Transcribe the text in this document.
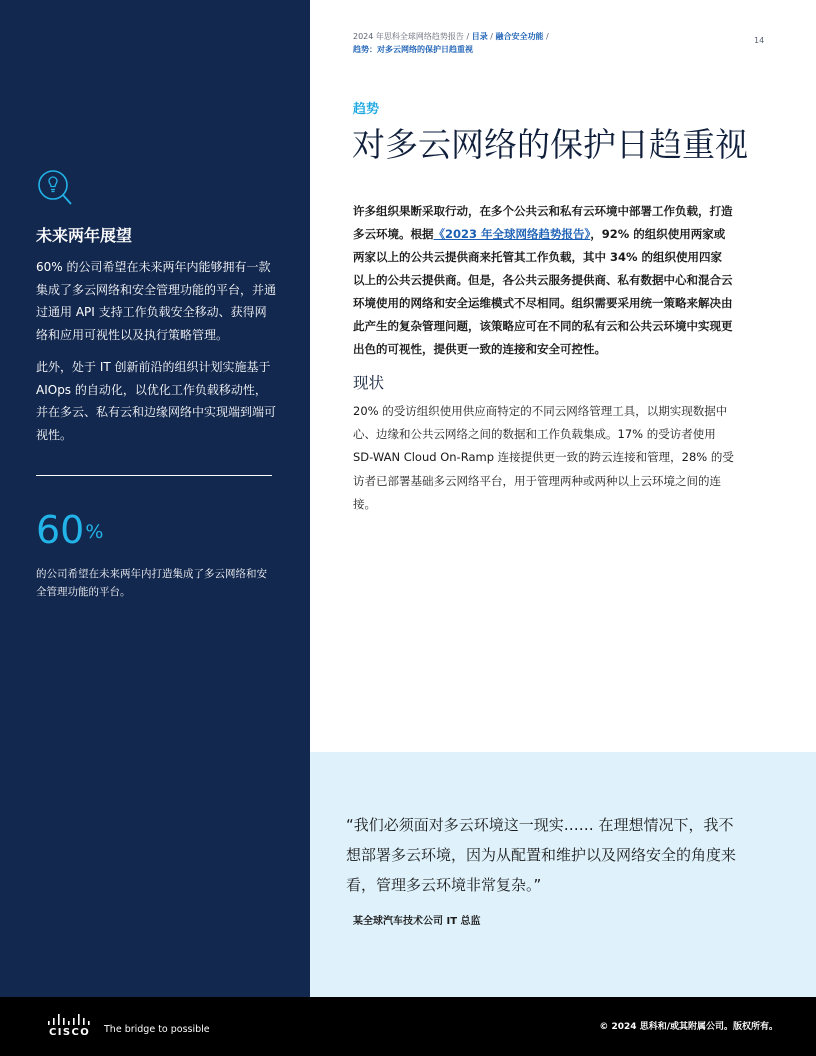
未来两年展望

60% 的公司希望在未来两年内能够拥有一款集成了多云网络和安全管理功能的平台，并通过通用 API 支持工作负载安全移动、获得网络和应用可视性以及执行策略管理。

此外，处于 IT 创新前沿的组织计划实施基于 AIOps 的自动化，以优化工作负载移动性，并在多云、私有云和边缘网络中实现端到端可视性。

60%

的公司希望在未来两年内打造集成了多云网络和安全管理功能的平台。

2024 年思科全球网络趋势报告 / 目录 / 融合安全功能 /
趋势：对多云网络的保护日趋重视
14
趋势
对多云网络的保护日趋重视

许多组织果断采取行动，在多个公共云和私有云环境中部署工作负载，打造多云环境。根据《2023 年全球网络趋势报告》，92% 的组织使用两家或两家以上的公共云提供商来托管其工作负载，其中 34% 的组织使用四家以上的公共云提供商。但是，各公共云服务提供商、私有数据中心和混合云环境使用的网络和安全运维模式不尽相同。组织需要采用统一策略来解决由此产生的复杂管理问题，该策略应可在不同的私有云和公共云环境中实现更出色的可视性，提供更一致的连接和安全可控性。

现状

20% 的受访组织使用供应商特定的不同云网络管理工具，以期实现数据中心、边缘和公共云网络之间的数据和工作负载集成。17% 的受访者使用 SD-WAN Cloud On-Ramp 连接提供更一致的跨云连接和管理，28% 的受访者已部署基础多云网络平台，用于管理两种或两种以上云环境之间的连接。

“我们必须面对多云环境这一现实…… 在理想情况下，我不想部署多云环境，因为从配置和维护以及网络安全的角度来看，管理多云环境非常复杂。”

某全球汽车技术公司 IT 总监

CISCO The bridge to possible	© 2024 思科和/或其附属公司。版权所有。
